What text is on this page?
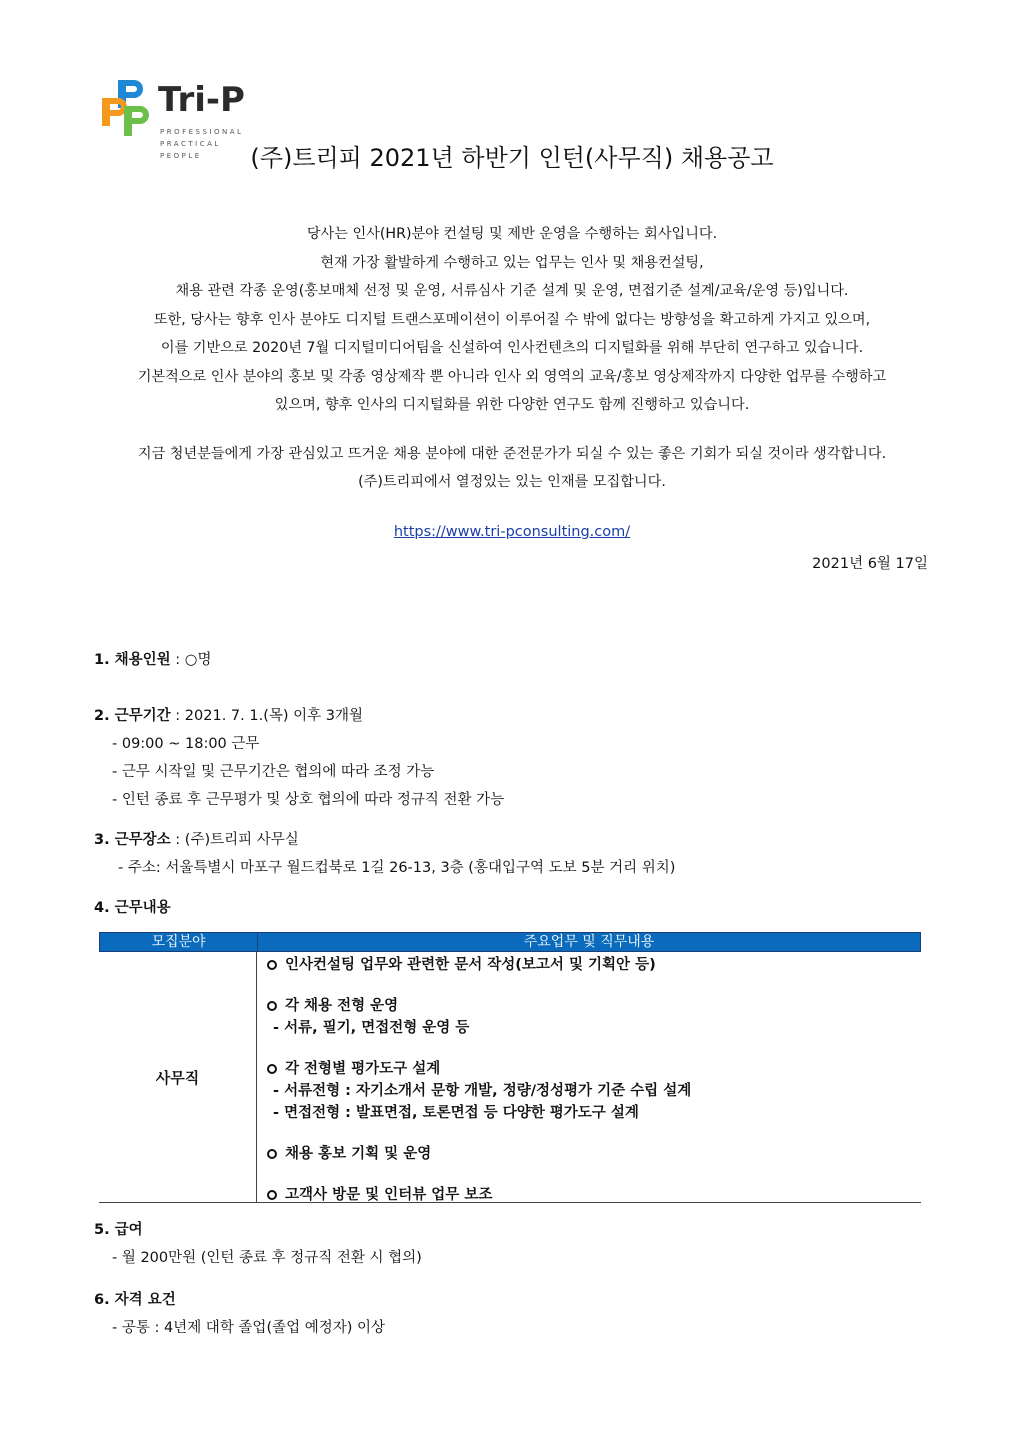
Tri-P
PROFESSIONAL
PRACTICAL
PEOPLE	(주)트리피 2021년 하반기 인턴(사무직) 채용공고
당사는 인사(HR)분야 컨설팅 및 제반 운영을 수행하는 회사입니다.
현재 가장 활발하게 수행하고 있는 업무는 인사 및 채용컨설팅,
채용 관련 각종 운영(홍보매체 선정 및 운영, 서류심사 기준 설계 및 운영, 면접기준 설계/교육/운영 등)입니다.
또한, 당사는 향후 인사 분야도 디지털 트랜스포메이션이 이루어질 수 밖에 없다는 방향성을 확고하게 가지고 있으며,
이를 기반으로 2020년 7월 디지털미디어팀을 신설하여 인사컨텐츠의 디지털화를 위해 부단히 연구하고 있습니다.
기본적으로 인사 분야의 홍보 및 각종 영상제작 뿐 아니라 인사 외 영역의 교육/홍보 영상제작까지 다양한 업무를 수행하고
있으며, 향후 인사의 디지털화를 위한 다양한 연구도 함께 진행하고 있습니다.
지금 청년분들에게 가장 관심있고 뜨거운 채용 분야에 대한 준전문가가 되실 수 있는 좋은 기회가 되실 것이라 생각합니다.
(주)트리피에서 열정있는 있는 인재를 모집합니다.
https://www.tri-pconsulting.com/
2021년 6월 17일
1. 채용인원 : ○명
2. 근무기간 : 2021. 7. 1.(목) 이후 3개월
- 09:00 ~ 18:00 근무
- 근무 시작일 및 근무기간은 협의에 따라 조정 가능
- 인턴 종료 후 근무평가 및 상호 협의에 따라 정규직 전환 가능
3. 근무장소 : (주)트리피 사무실
- 주소: 서울특별시 마포구 월드컵북로 1길 26-13, 3층 (홍대입구역 도보 5분 거리 위치)
4. 근무내용
모집분야	주요업무 및 직무내용
사무직
인사컨설팅 업무와 관련한 문서 작성(보고서 및 기획안 등)
각 채용 전형 운영
- 서류, 필기, 면접전형 운영 등
각 전형별 평가도구 설계
- 서류전형 : 자기소개서 문항 개발, 정량/정성평가 기준 수립 설계
- 면접전형 : 발표면접, 토론면접 등 다양한 평가도구 설계
채용 홍보 기획 및 운영
고객사 방문 및 인터뷰 업무 보조
5. 급여
- 월 200만원 (인턴 종료 후 정규직 전환 시 협의)
6. 자격 요건
- 공통 : 4년제 대학 졸업(졸업 예정자) 이상
